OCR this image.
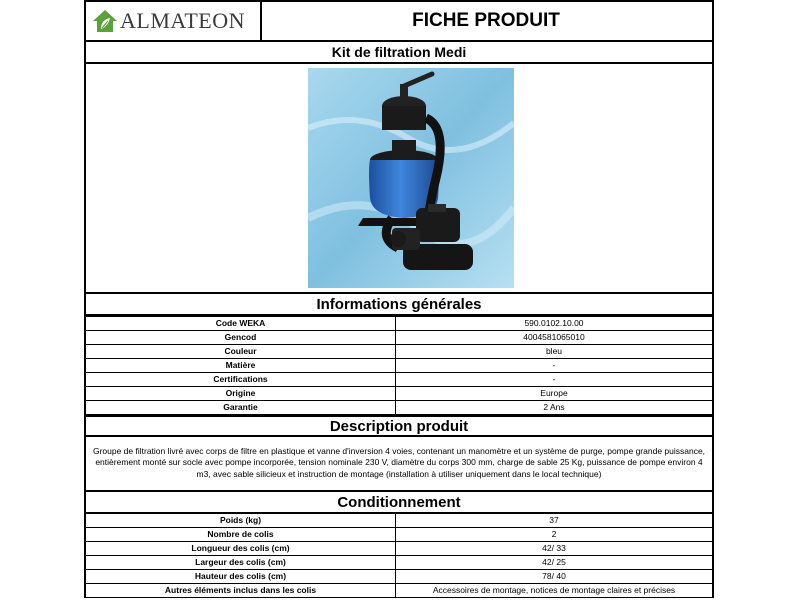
ALMATEON	FICHE PRODUIT
Kit de filtration Medi
Informations générales
Code WEKA	590.0102.10.00
Gencod	4004581065010
Couleur	bleu
Matière	-
Certifications	-
Origine	Europe
Garantie	2 Ans
Description produit
Groupe de filtration livré avec corps de filtre en plastique et vanne d'inversion 4 voies, contenant un manomètre et un système de purge, pompe grande puissance, entièrement monté sur socle avec pompe incorporée, tension nominale 230 V, diamètre du corps 300 mm, charge de sable 25 Kg, puissance de pompe environ 4 m3, avec sable silicieux et instruction de montage (installation à utiliser uniquement dans le local technique)
Conditionnement
Poids (kg)	37
Nombre de colis	2
Longueur des colis (cm)	42/ 33
Largeur des colis (cm)	42/ 25
Hauteur des colis (cm)	78/ 40
Autres éléments inclus dans les colis	Accessoires de montage, notices de montage claires et précises
